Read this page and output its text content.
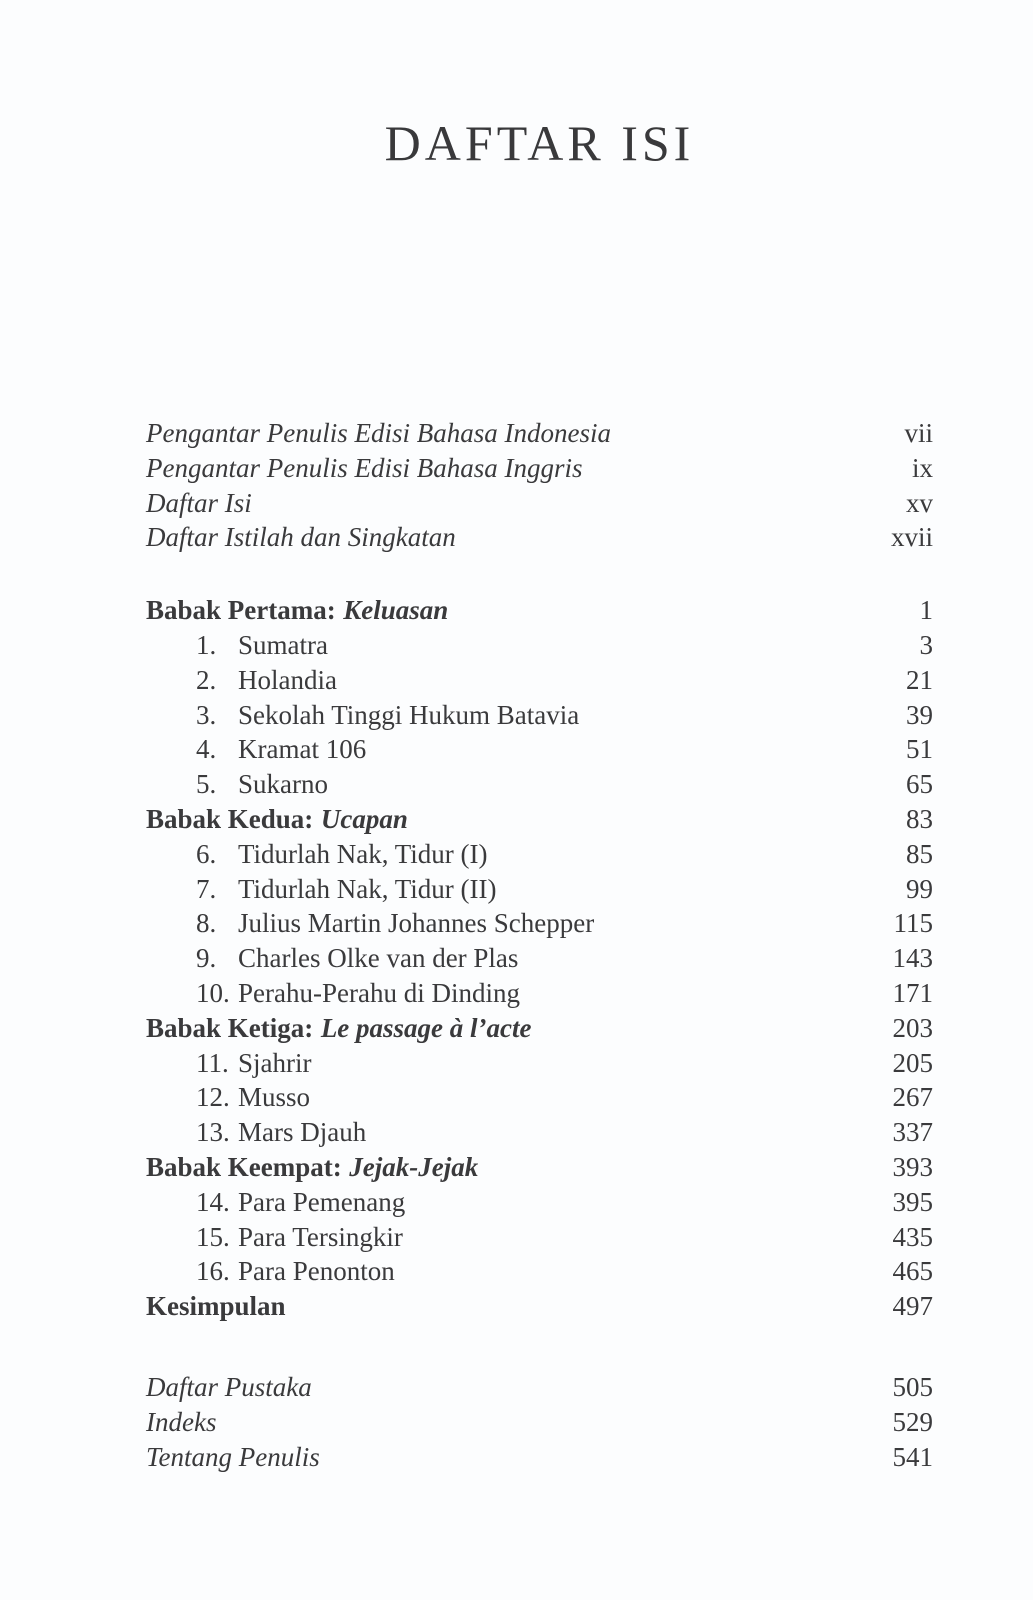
DAFTAR ISI
Pengantar Penulis Edisi Bahasa Indonesia	vii
Pengantar Penulis Edisi Bahasa Inggris	ix
Daftar Isi	xv
Daftar Istilah dan Singkatan	xvii
Babak Pertama: Keluasan	1
1. Sumatra	3
2. Holandia	21
3. Sekolah Tinggi Hukum Batavia	39
4. Kramat 106	51
5. Sukarno	65
Babak Kedua: Ucapan	83
6. Tidurlah Nak, Tidur (I)	85
7. Tidurlah Nak, Tidur (II)	99
8. Julius Martin Johannes Schepper	115
9. Charles Olke van der Plas	143
10. Perahu-Perahu di Dinding	171
Babak Ketiga: Le passage à l’acte	203
11. Sjahrir	205
12. Musso	267
13. Mars Djauh	337
Babak Keempat: Jejak-Jejak	393
14. Para Pemenang	395
15. Para Tersingkir	435
16. Para Penonton	465
Kesimpulan	497
Daftar Pustaka	505
Indeks	529
Tentang Penulis	541
